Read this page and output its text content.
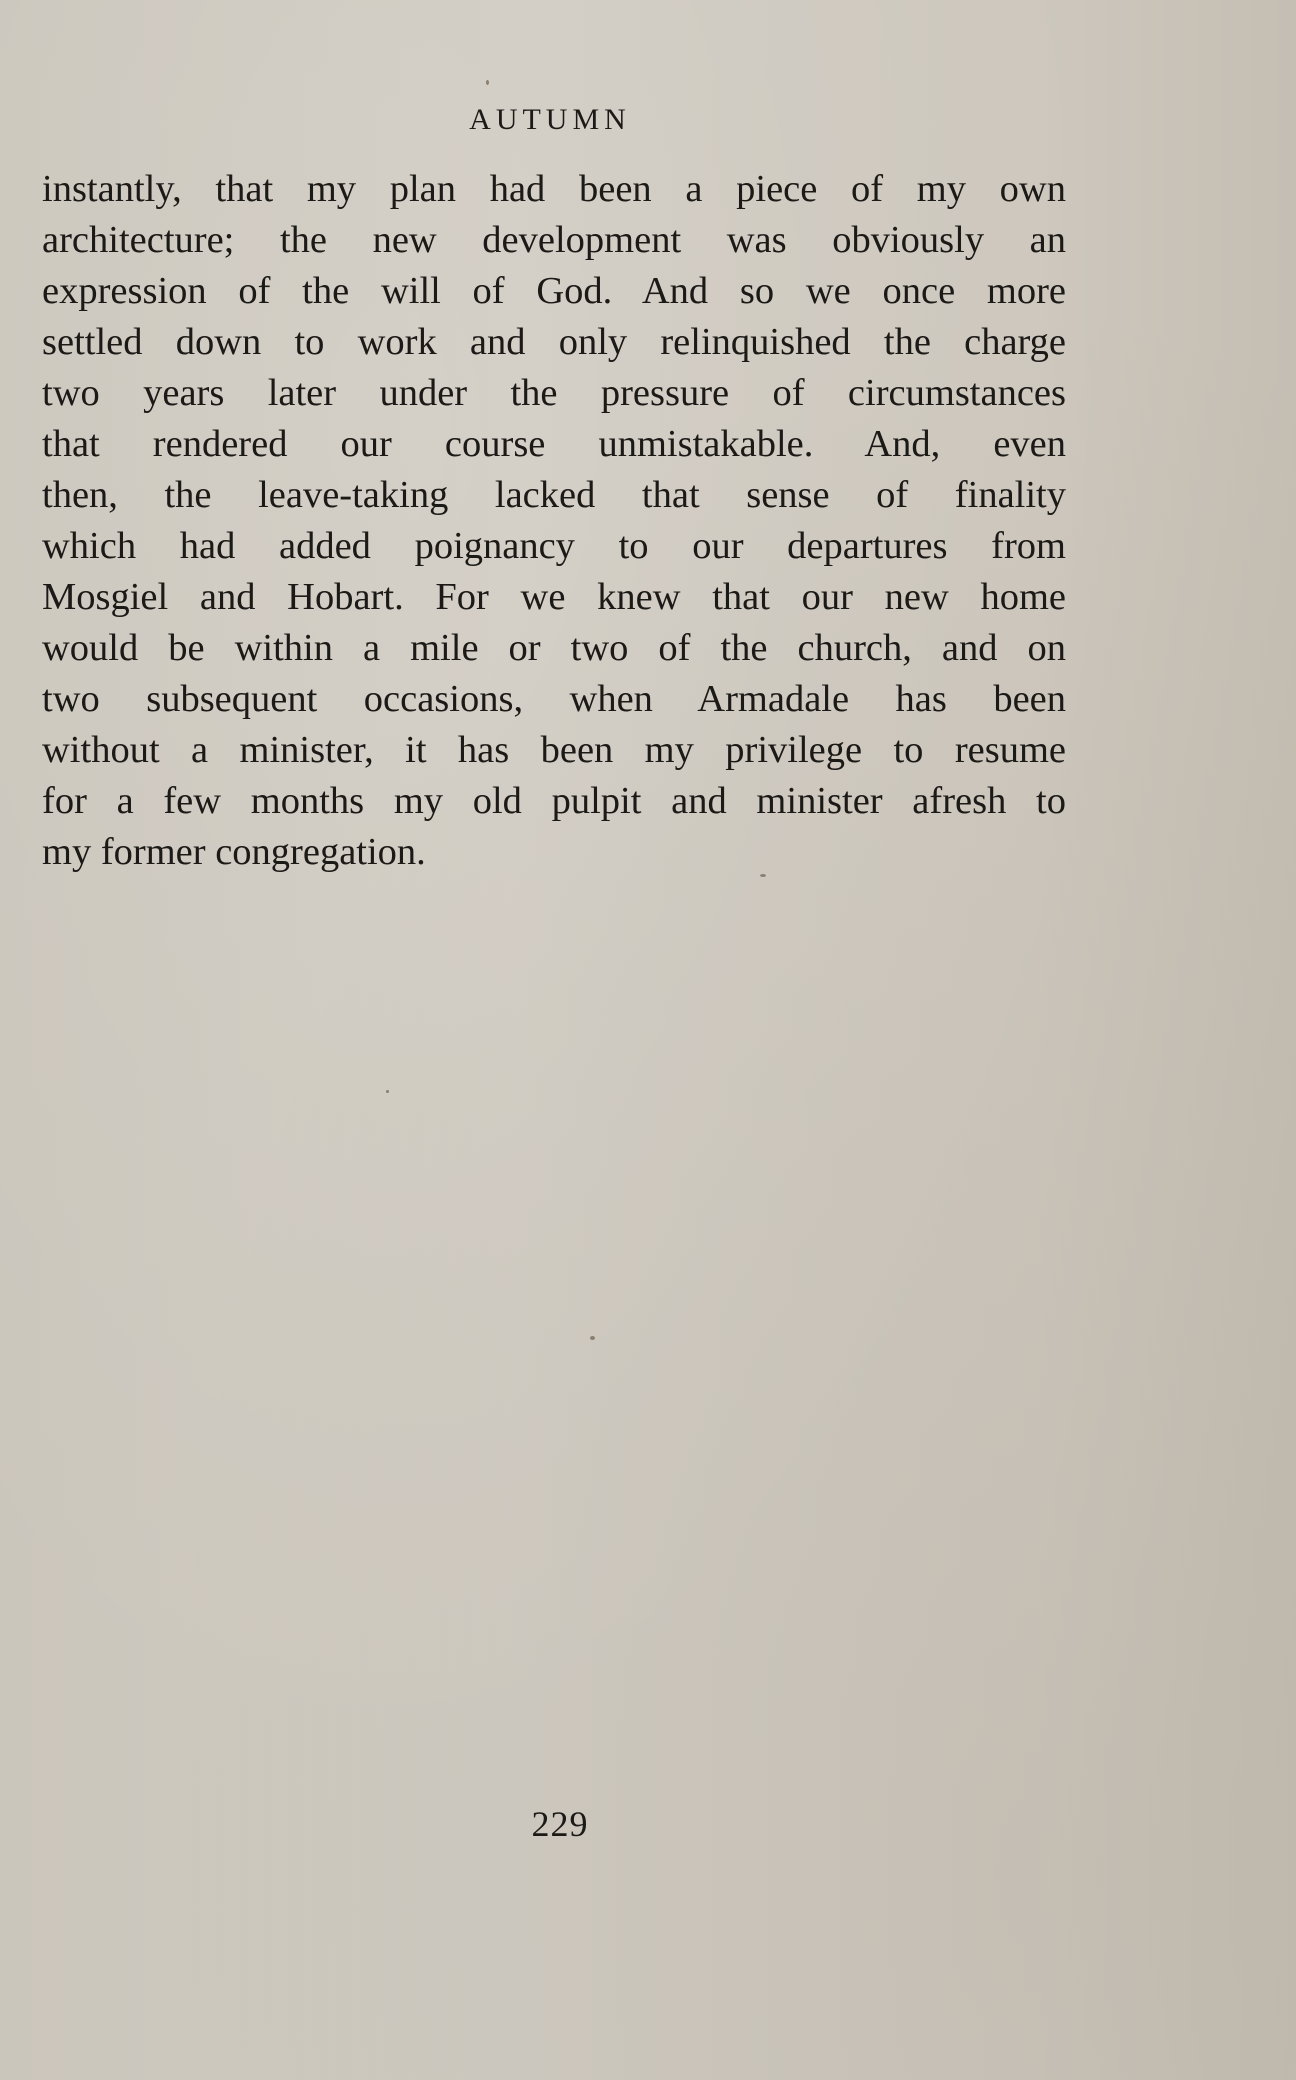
AUTUMN
instantly, that my plan had been a piece of my own
architecture; the new development was obviously an
expression of the will of God. And so we once more
settled down to work and only relinquished the charge
two years later under the pressure of circumstances
that rendered our course unmistakable. And, even
then, the leave-taking lacked that sense of finality
which had added poignancy to our departures from
Mosgiel and Hobart. For we knew that our new home
would be within a mile or two of the church, and on
two subsequent occasions, when Armadale has been
without a minister, it has been my privilege to resume
for a few months my old pulpit and minister afresh to
my former congregation.
229
